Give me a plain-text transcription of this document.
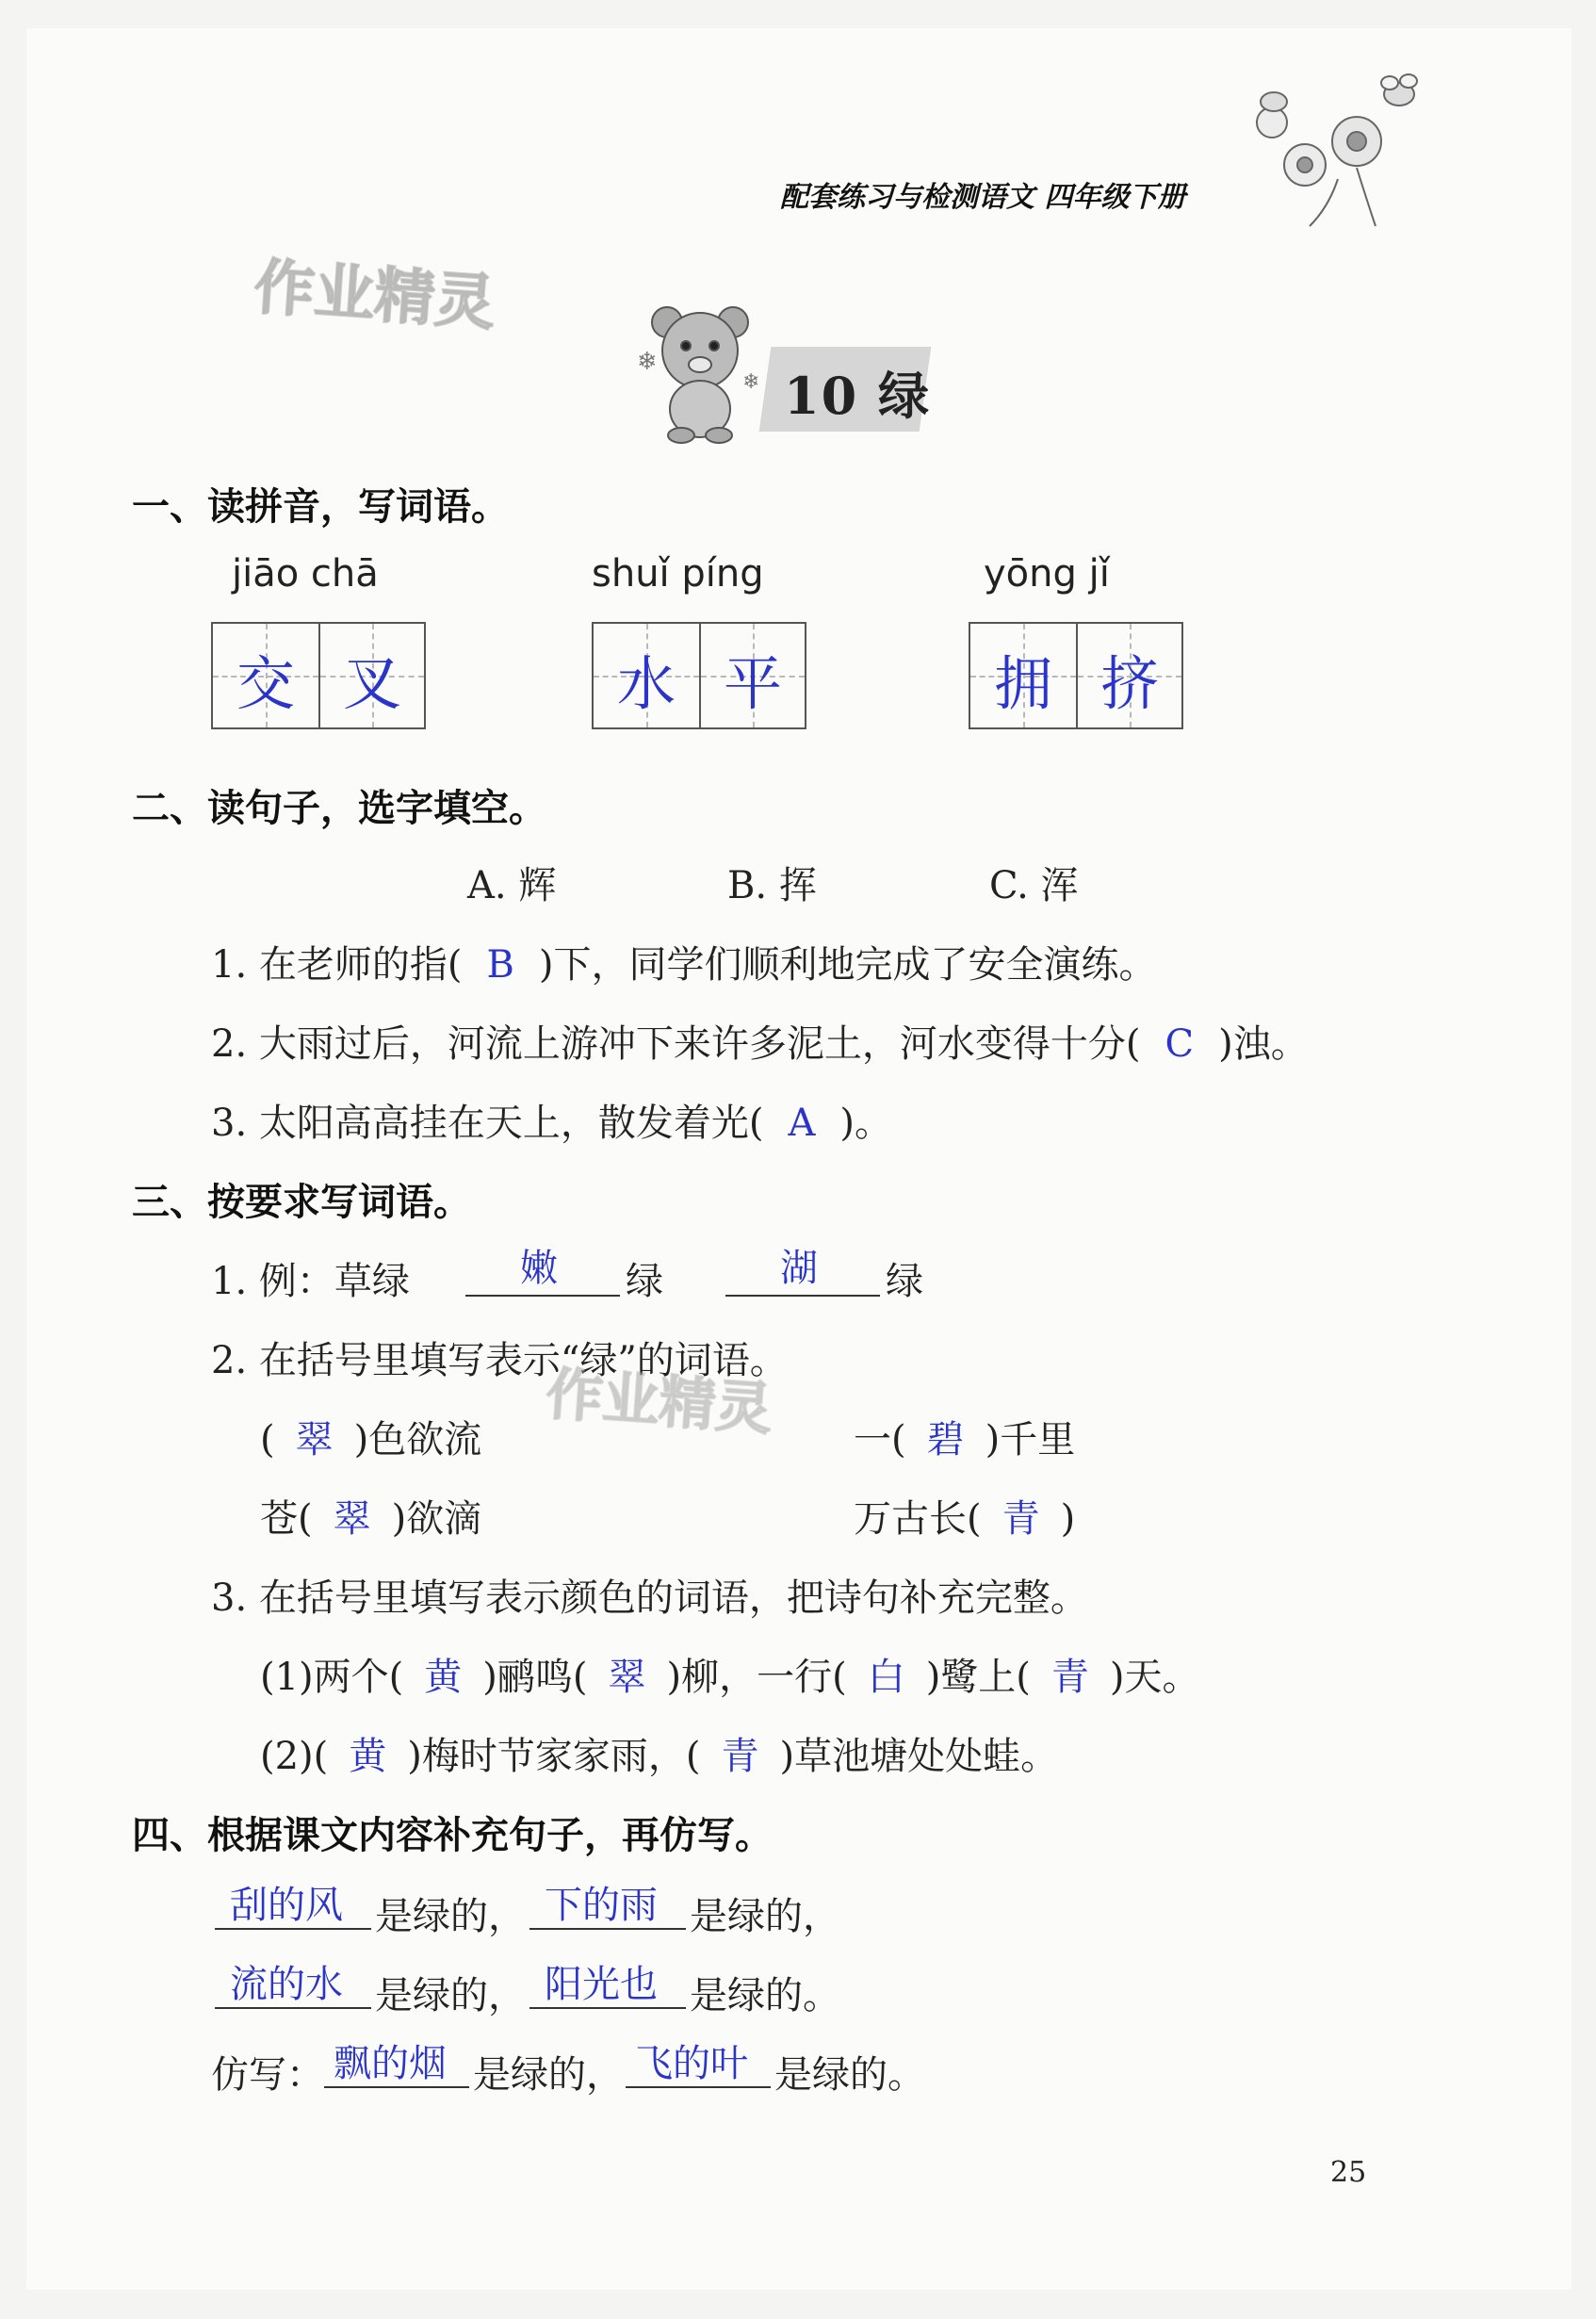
配套练习与检测语文 四年级下册
作业精灵
❄
❄ 10 绿
一、读拼音，写词语。
jiāo chā
交 叉
shuǐ píng
水 平
yōng jǐ
拥 挤
二、读句子，选字填空。
A. 辉	B. 挥	C. 浑
1. 在老师的指( B )下，同学们顺利地完成了安全演练。
2. 大雨过后，河流上游冲下来许多泥土，河水变得十分( C )浊。
3. 太阳高高挂在天上，散发着光( A )。
三、按要求写词语。
1. 例：草绿	嫩 绿	湖 绿
2. 在括号里填写表示“绿”的词语。
作业精灵
( 翠 )色欲流	一( 碧 )千里
苍( 翠 )欲滴	万古长( 青 )
3. 在括号里填写表示颜色的词语，把诗句补充完整。
(1)两个( 黄 )鹂鸣( 翠 )柳，一行( 白 )鹭上( 青 )天。
(2)( 黄 )梅时节家家雨，( 青 )草池塘处处蛙。
四、根据课文内容补充句子，再仿写。
刮的风 是绿的， 下的雨 是绿的，
流的水 是绿的， 阳光也 是绿的。
仿写： 飘的烟 是绿的， 飞的叶 是绿的。
25
